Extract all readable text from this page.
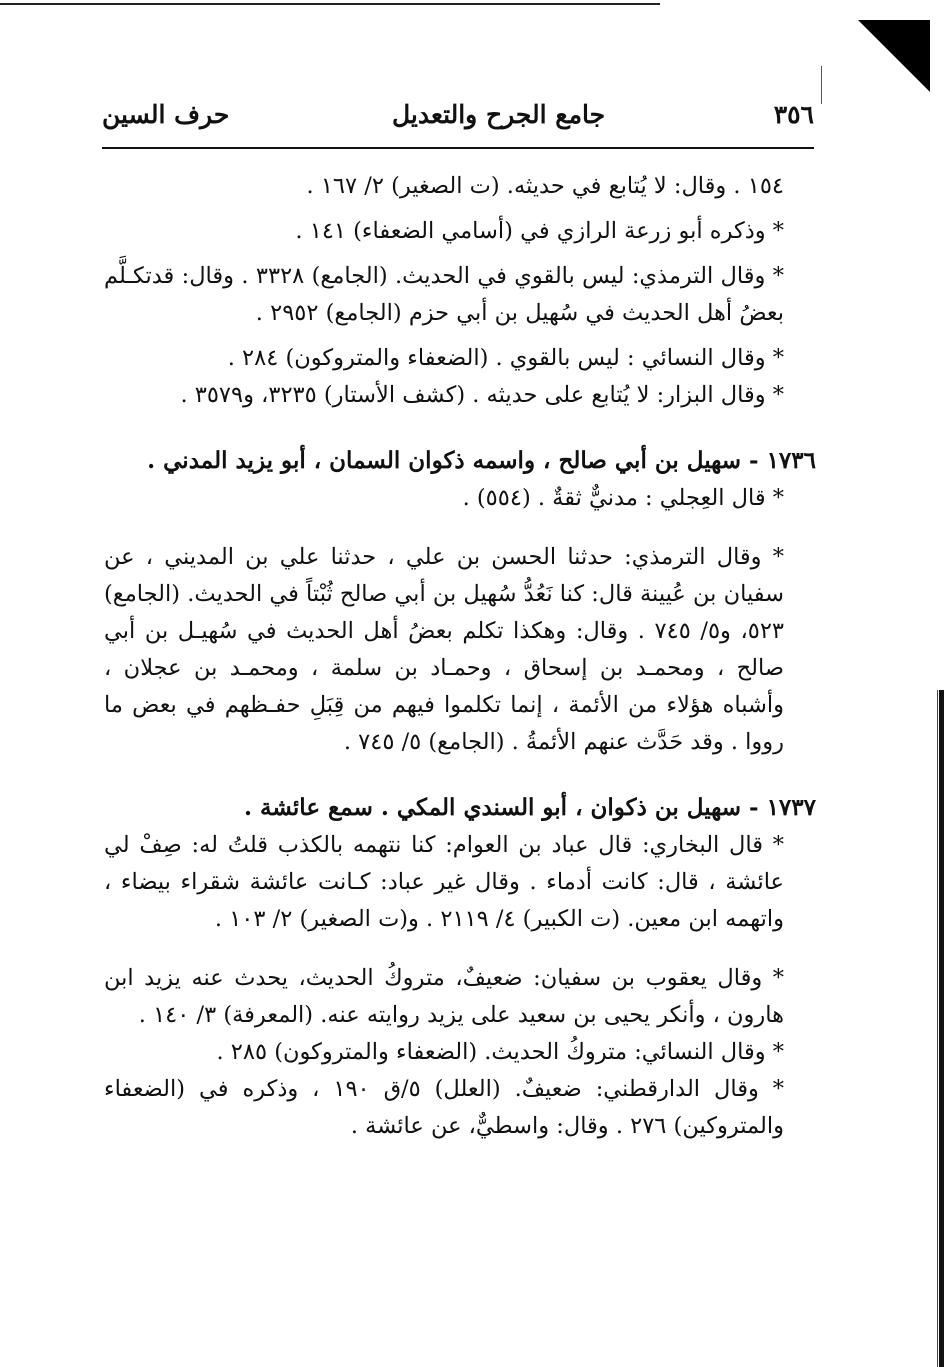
٣٥٦
جامع الجرح والتعديل
حرف السين
١٥٤ . وقال: لا يُتابع في حديثه. (ت الصغير) ٢/ ١٦٧ .
* وذكره أبو زرعة الرازي في (أسامي الضعفاء) ١٤١ .
* وقال الترمذي: ليس بالقوي في الحديث. (الجامع) ٣٣٢٨ . وقال: قدتكـلَّم بعضُ أهل الحديث في سُهيل بن أبي حزم (الجامع) ٢٩٥٢ .
* وقال النسائي : ليس بالقوي . (الضعفاء والمتروكون) ٢٨٤ .
* وقال البزار: لا يُتابع على حديثه . (كشف الأستار) ٣٢٣٥، و٣٥٧٩ .
١٧٣٦ - سهيل بن أبي صالح ، واسمه ذكوان السمان ، أبو يزيد المدني .
* قال العِجلي : مدنيٌّ ثقةٌ . (٥٥٤) .
* وقال الترمذي: حدثنا الحسن بن علي ، حدثنا علي بن المديني ، عن سفيان بن عُيينة قال: كنا نَعُدُّ سُهيل بن أبي صالح ثُبْتاً في الحديث. (الجامع) ٥٢٣، و٥/ ٧٤٥ . وقال: وهكذا تكلم بعضُ أهل الحديث في سُهيـل بن أبي صالح ، ومحمـد بن إسحاق ، وحمـاد بن سلمة ، ومحمـد بن عجلان ، وأشباه هؤلاء من الأئمة ، إنما تكلموا فيهم من قِبَلِ حفـظهم في بعض ما رووا . وقد حَدَّث عنهم الأئمةُ . (الجامع) ٥/ ٧٤٥ .
١٧٣٧ - سهيل بن ذكوان ، أبو السندي المكي . سمع عائشة .
* قال البخاري: قال عباد بن العوام: كنا نتهمه بالكذب قلتُ له: صِفْ لي عائشة ، قال: كانت أدماء . وقال غير عباد: كـانت عائشة شقراء بيضاء ، واتهمه ابن معين. (ت الكبير) ٤/ ٢١١٩ . و(ت الصغير) ٢/ ١٠٣ .
* وقال يعقوب بن سفيان: ضعيفٌ، متروكُ الحديث، يحدث عنه يزيد ابن هارون ، وأنكر يحيى بن سعيد على يزيد روايته عنه. (المعرفة) ٣/ ١٤٠ .
* وقال النسائي: متروكُ الحديث. (الضعفاء والمتروكون) ٢٨٥ .
* وقال الدارقطني: ضعيفٌ. (العلل) ٥/ق ١٩٠ ، وذكره في (الضعفاء والمتروكين) ٢٧٦ . وقال: واسطيٌّ، عن عائشة .
